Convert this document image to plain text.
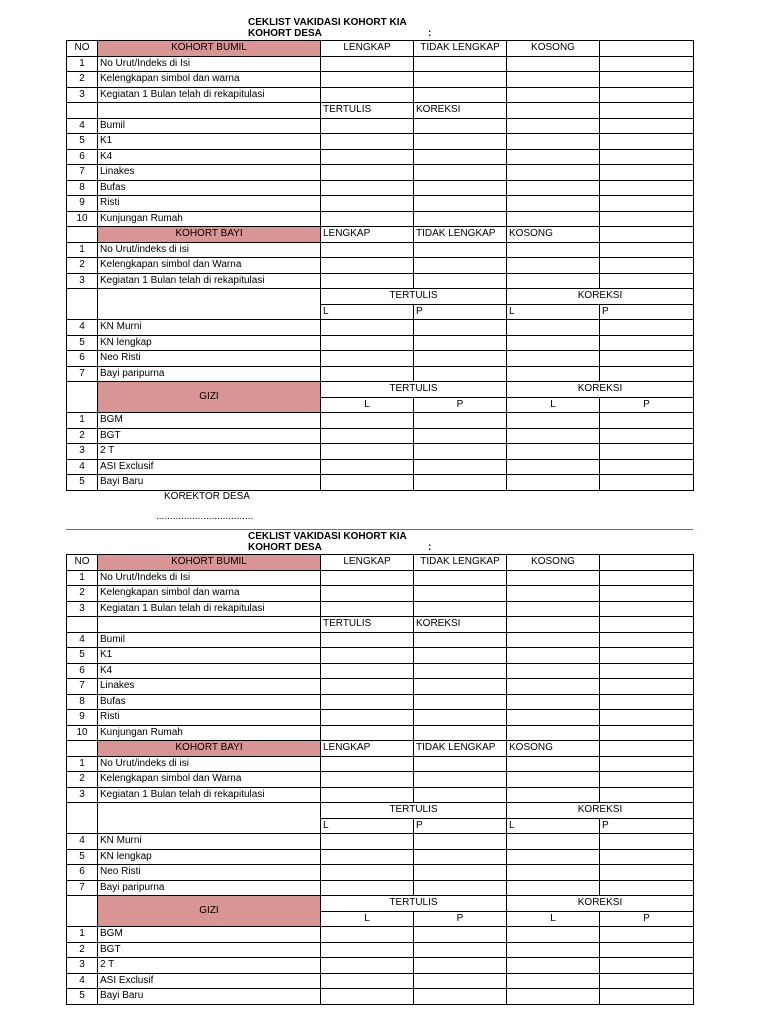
CEKLIST VAKIDASI KOHORT KIA
KOHORT DESA	:
NO	KOHORT BUMIL	LENGKAP	TIDAK LENGKAP	KOSONG	
1	No Urut/Indeks di Isi				
2	Kelengkapan simbol dan warna				
3	Kegiatan 1 Bulan telah di rekapitulasi				
		TERTULIS	KOREKSI		
4	Bumil				
5	K1				
6	K4				
7	Linakes				
8	Bufas				
9	Risti				
10	Kunjungan Rumah				
	KOHORT BAYI	LENGKAP	TIDAK LENGKAP	KOSONG	
1	No Urut/indeks di isi				
2	Kelengkapan simbol dan Warna				
3	Kegiatan 1 Bulan telah di rekapitulasi				
		TERTULIS		KOREKSI	
		L	P	L	P
4	KN Murni				
5	KN lengkap				
6	Neo Risti				
7	Bayi paripurna				
	GIZI	TERTULIS		KOREKSI	
		L	P	L	P
1	BGM				
2	BGT				
3	2 T				
4	ASI Exclusif				
5	Bayi Baru				
KOREKTOR DESA
...................................
CEKLIST VAKIDASI KOHORT KIA
KOHORT DESA	:
NO	KOHORT BUMIL	LENGKAP	TIDAK LENGKAP	KOSONG	
1	No Urut/Indeks di Isi				
2	Kelengkapan simbol dan warna				
3	Kegiatan 1 Bulan telah di rekapitulasi				
		TERTULIS	KOREKSI		
4	Bumil				
5	K1				
6	K4				
7	Linakes				
8	Bufas				
9	Risti				
10	Kunjungan Rumah				
	KOHORT BAYI	LENGKAP	TIDAK LENGKAP	KOSONG	
1	No Urut/indeks di isi				
2	Kelengkapan simbol dan Warna				
3	Kegiatan 1 Bulan telah di rekapitulasi				
		TERTULIS		KOREKSI	
		L	P	L	P
4	KN Murni				
5	KN lengkap				
6	Neo Risti				
7	Bayi paripurna				
	GIZI	TERTULIS		KOREKSI	
		L	P	L	P
1	BGM				
2	BGT				
3	2 T				
4	ASI Exclusif				
5	Bayi Baru				
